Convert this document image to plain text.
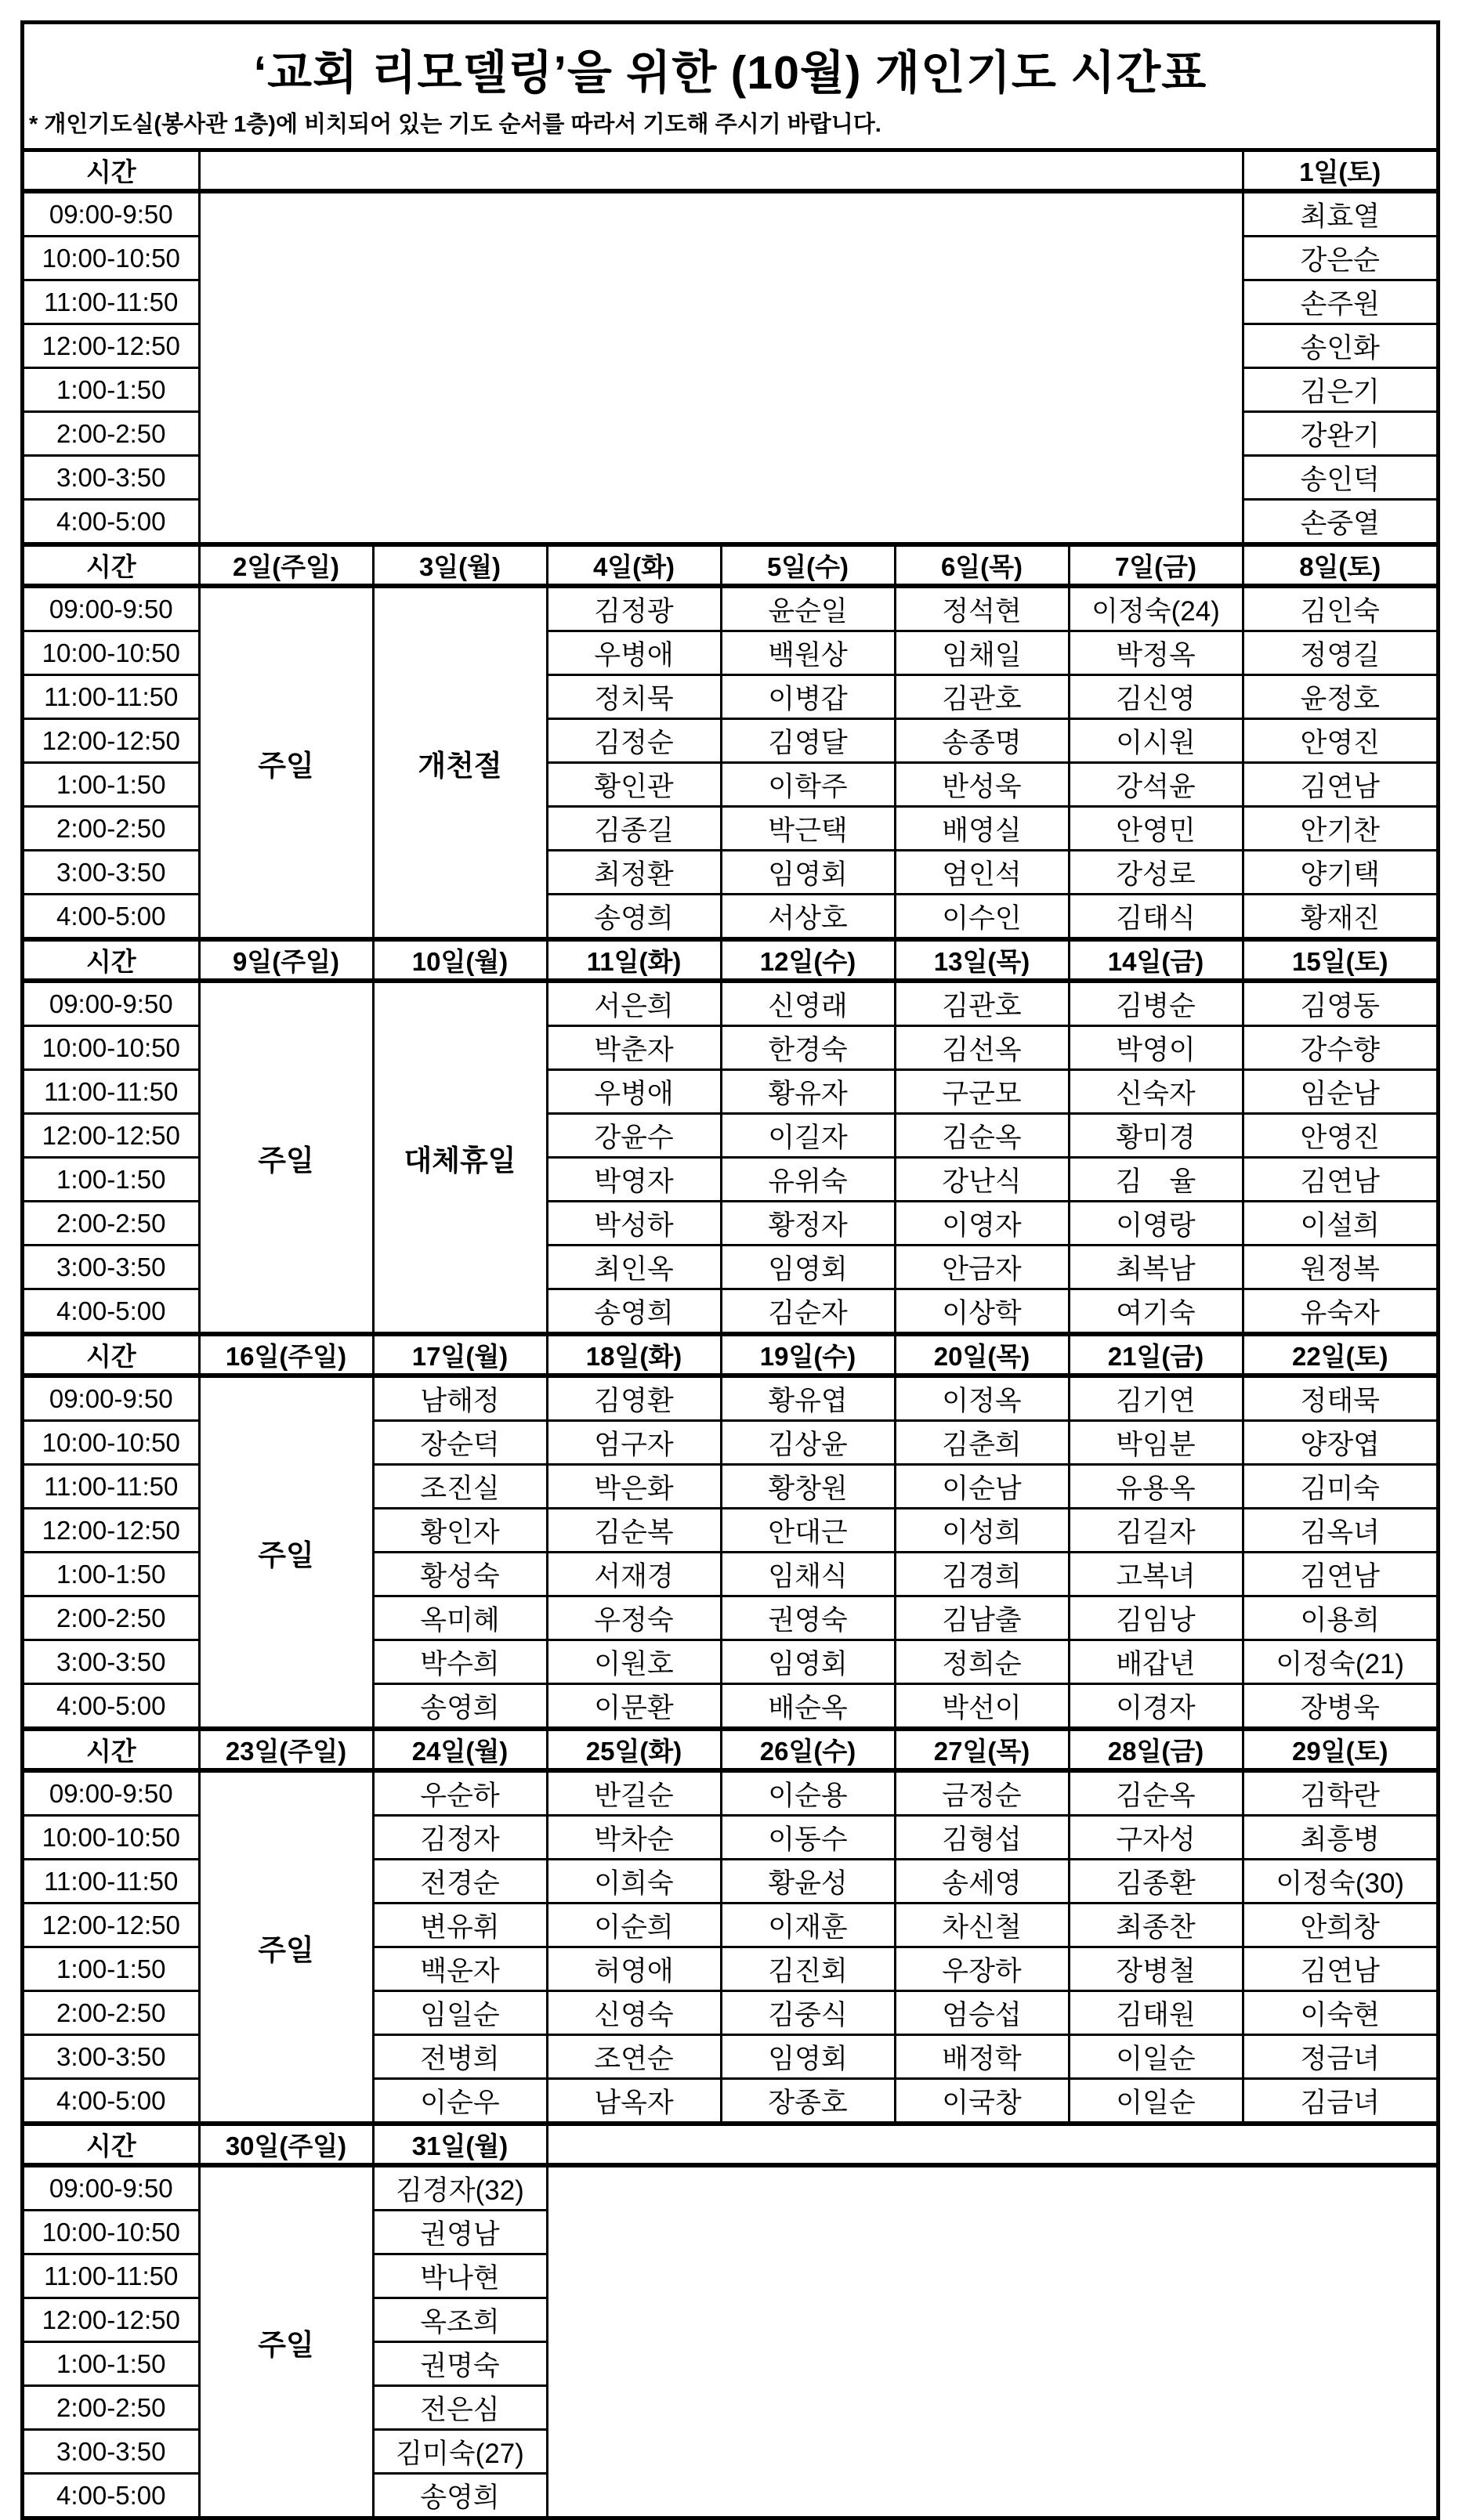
‘교회 리모델링’을 위한 (10월) 개인기도 시간표
* 개인기도실(봉사관 1층)에 비치되어 있는 기도 순서를 따라서 기도해 주시기 바랍니다.
시간							1일(토)
09:00-9:50							최효열
10:00-10:50							강은순
11:00-11:50							손주원
12:00-12:50							송인화
1:00-1:50							김은기
2:00-2:50							강완기
3:00-3:50							송인덕
4:00-5:00							손중열
시간	2일(주일)	3일(월)	4일(화)	5일(수)	6일(목)	7일(금)	8일(토)
09:00-9:50	주일	개천절	김정광	윤순일	정석현	이정숙(24)	김인숙
10:00-10:50			우병애	백원상	임채일	박정옥	정영길
11:00-11:50			정치묵	이병갑	김관호	김신영	윤정호
12:00-12:50			김정순	김영달	송종명	이시원	안영진
1:00-1:50			황인관	이학주	반성욱	강석윤	김연남
2:00-2:50			김종길	박근택	배영실	안영민	안기찬
3:00-3:50			최정환	임영회	엄인석	강성로	양기택
4:00-5:00			송영희	서상호	이수인	김태식	황재진
시간	9일(주일)	10일(월)	11일(화)	12일(수)	13일(목)	14일(금)	15일(토)
09:00-9:50	주일	대체휴일	서은희	신영래	김관호	김병순	김영동
10:00-10:50			박춘자	한경숙	김선옥	박영이	강수향
11:00-11:50			우병애	황유자	구군모	신숙자	임순남
12:00-12:50			강윤수	이길자	김순옥	황미경	안영진
1:00-1:50			박영자	유위숙	강난식	김　율	김연남
2:00-2:50			박성하	황정자	이영자	이영랑	이설희
3:00-3:50			최인옥	임영회	안금자	최복남	원정복
4:00-5:00			송영희	김순자	이상학	여기숙	유숙자
시간	16일(주일)	17일(월)	18일(화)	19일(수)	20일(목)	21일(금)	22일(토)
09:00-9:50	주일	남해정	김영환	황유엽	이정옥	김기연	정태묵
10:00-10:50		장순덕	엄구자	김상윤	김춘희	박임분	양장엽
11:00-11:50		조진실	박은화	황창원	이순남	유용옥	김미숙
12:00-12:50		황인자	김순복	안대근	이성희	김길자	김옥녀
1:00-1:50		황성숙	서재경	임채식	김경희	고복녀	김연남
2:00-2:50		옥미혜	우정숙	권영숙	김남출	김임낭	이용희
3:00-3:50		박수희	이원호	임영회	정희순	배갑년	이정숙(21)
4:00-5:00		송영희	이문환	배순옥	박선이	이경자	장병욱
시간	23일(주일)	24일(월)	25일(화)	26일(수)	27일(목)	28일(금)	29일(토)
09:00-9:50	주일	우순하	반길순	이순용	금정순	김순옥	김학란
10:00-10:50		김정자	박차순	이동수	김형섭	구자성	최흥병
11:00-11:50		전경순	이희숙	황윤성	송세영	김종환	이정숙(30)
12:00-12:50		변유휘	이순희	이재훈	차신철	최종찬	안희창
1:00-1:50		백운자	허영애	김진회	우장하	장병철	김연남
2:00-2:50		임일순	신영숙	김중식	엄승섭	김태원	이숙현
3:00-3:50		전병희	조연순	임영회	배정학	이일순	정금녀
4:00-5:00		이순우	남옥자	장종호	이국창	이일순	김금녀
시간	30일(주일)	31일(월)					
09:00-9:50	주일	김경자(32)					
10:00-10:50		권영남					
11:00-11:50		박나현					
12:00-12:50		옥조희					
1:00-1:50		권명숙					
2:00-2:50		전은심					
3:00-3:50		김미숙(27)					
4:00-5:00		송영희					
